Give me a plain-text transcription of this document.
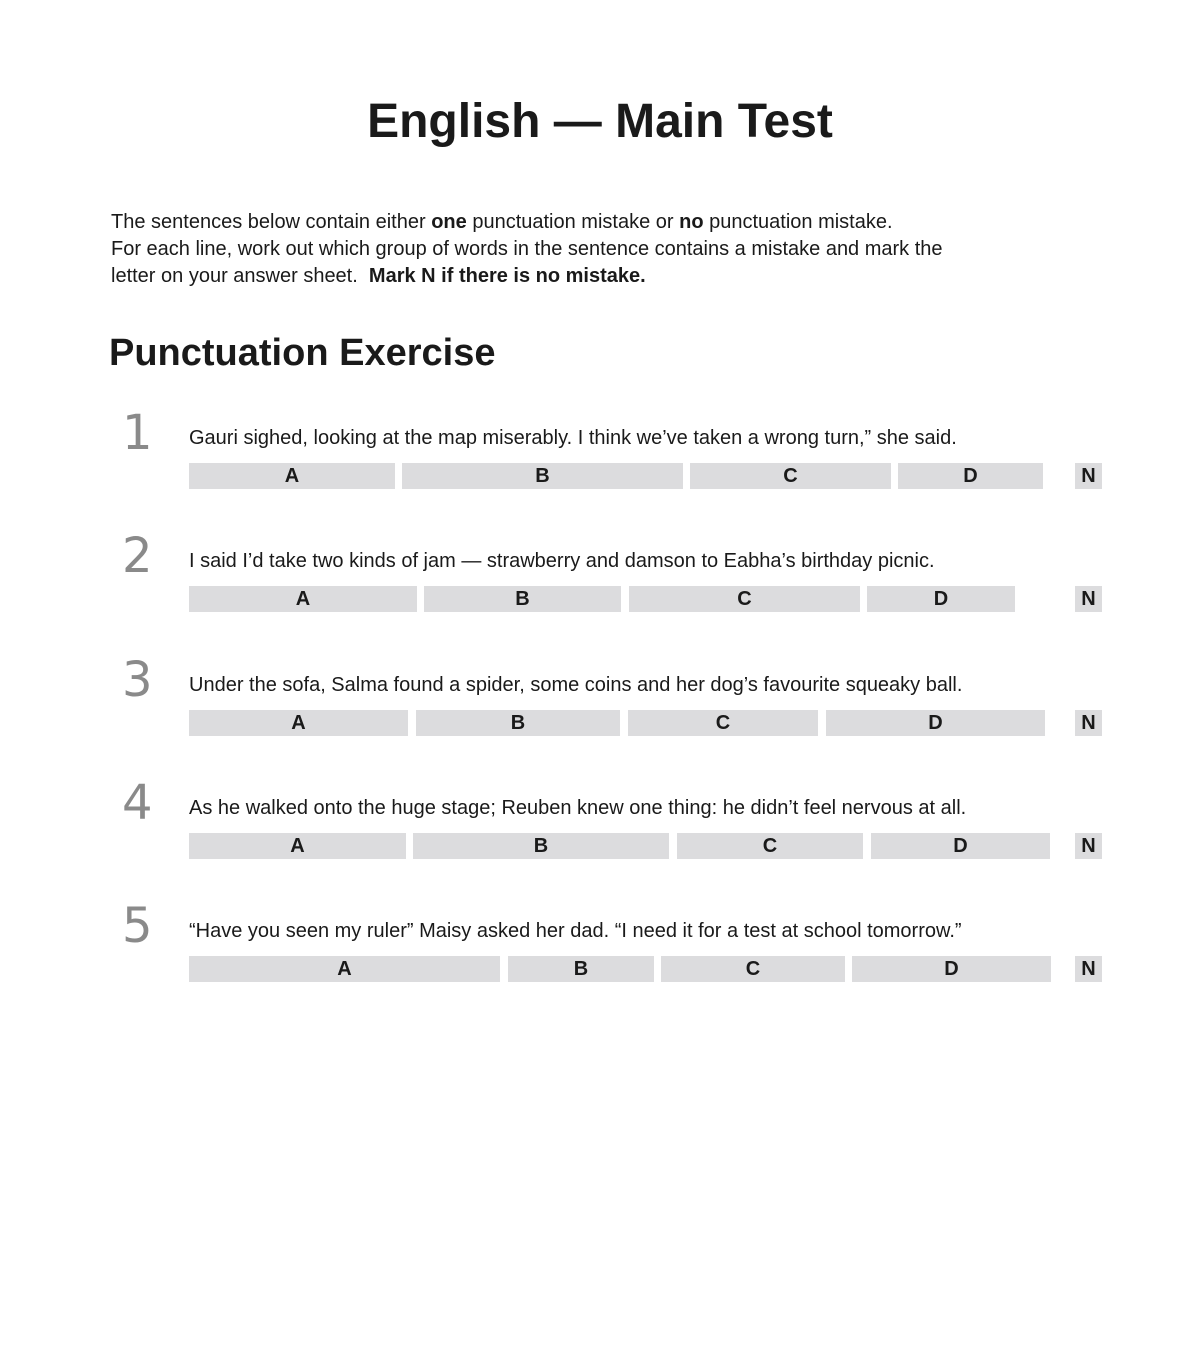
English — Main Test

The sentences below contain either one punctuation mistake or no punctuation mistake.
For each line, work out which group of words in the sentence contains a mistake and mark the
letter on your answer sheet.  Mark N if there is no mistake.

Punctuation Exercise
1 Gauri sighed, looking at the map miserably. I think we’ve taken a wrong turn,” she said.
A	B	C	D	N
2 I said I’d take two kinds of jam — strawberry and damson to Eabha’s birthday picnic.
A	B	C	D	N
3 Under the sofa, Salma found a spider, some coins and her dog’s favourite squeaky ball.
A	B	C	D	N
4 As he walked onto the huge stage; Reuben knew one thing: he didn’t feel nervous at all.
A	B	C	D	N
5 “Have you seen my ruler” Maisy asked her dad. “I need it for a test at school tomorrow.”
A	B	C	D	N
